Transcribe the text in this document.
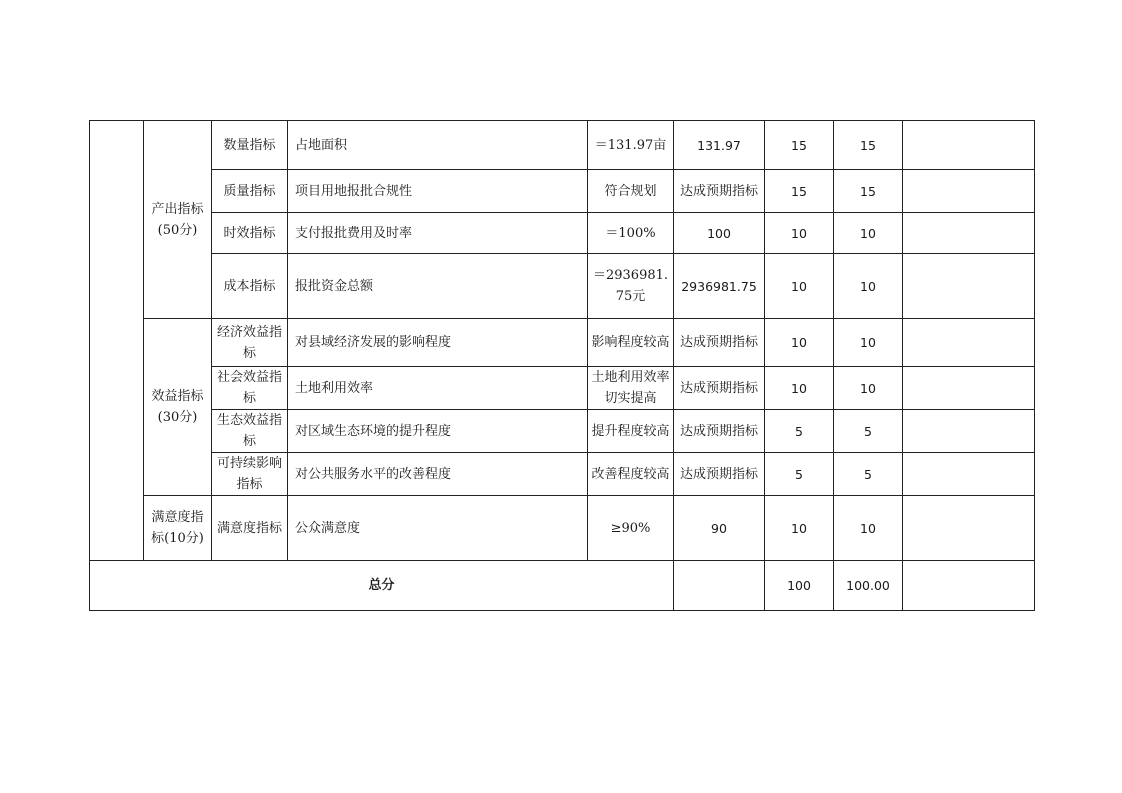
	产出指标(50分)	数量指标	占地面积	＝131.97亩	131.97	15	15	
		质量指标	项目用地报批合规性	符合规划	达成预期指标	15	15	
		时效指标	支付报批费用及时率	＝100%	100	10	10	
		成本指标	报批资金总额	＝2936981.75元	2936981.75	10	10	
	效益指标(30分)	经济效益指标	对县域经济发展的影响程度	影响程度较高	达成预期指标	10	10	
		社会效益指标	土地利用效率	土地利用效率切实提高	达成预期指标	10	10	
		生态效益指标	对区域生态环境的提升程度	提升程度较高	达成预期指标	5	5	
		可持续影响指标	对公共服务水平的改善程度	改善程度较高	达成预期指标	5	5	
	满意度指标(10分)	满意度指标	公众满意度	≥90%	90	10	10	
总分						100	100.00	
